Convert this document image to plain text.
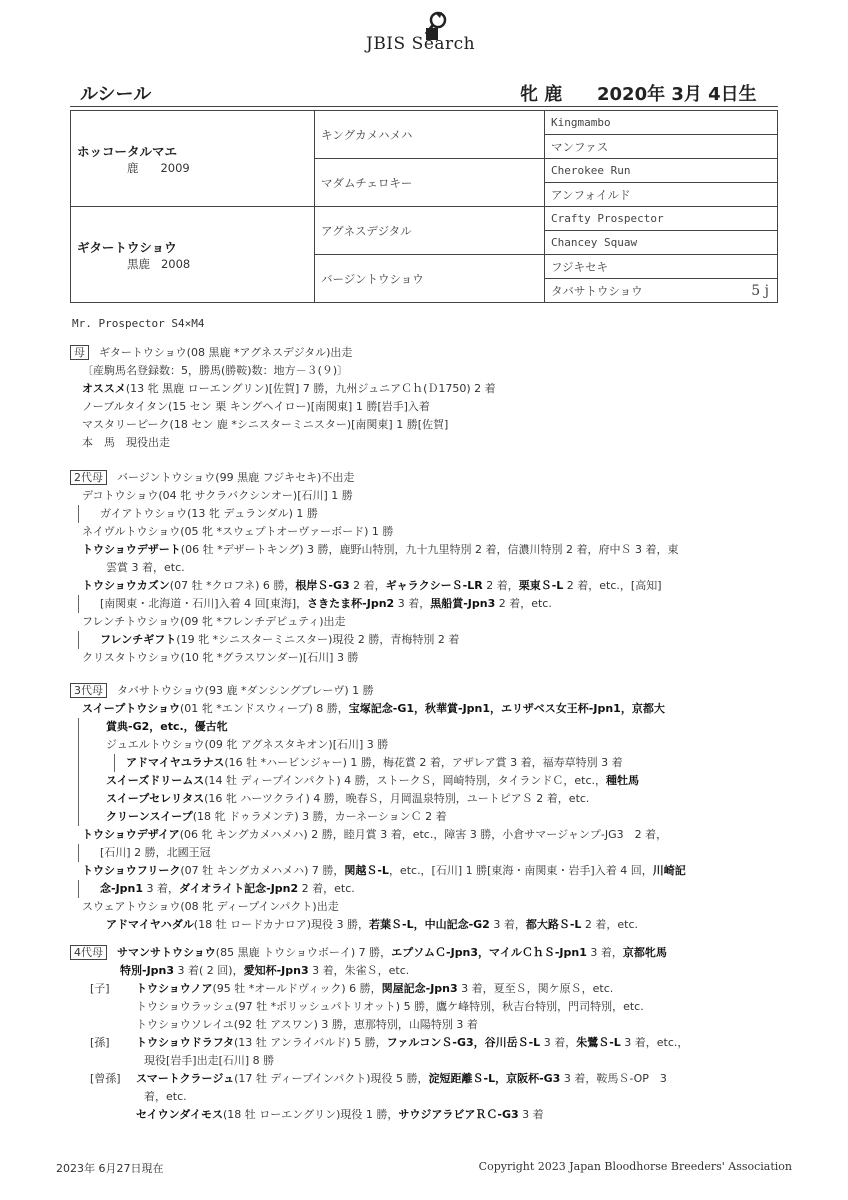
JBIS Search
ルシール	牝 鹿 2020年 3月 4日生
ホッコータルマエ
鹿 2009	キングカメハメハ	Kingmambo
		マンファス
	マダムチェロキー	Cherokee Run
		アンフォイルド

ギタートウショウ
黒鹿 2008	アグネスデジタル	Crafty Prospector
		Chancey Squaw
	バージントウショウ	フジキセキ
		タバサトウショウ 5 j
Mr. Prospector S4×M4
母 ギタートウショウ(08 黒鹿 *アグネスデジタル)出走
〔産駒馬名登録数：5，勝馬(勝鞍)数：地方－３(９)〕
オススメ(13 牝 黒鹿 ローエングリン)[佐賀] 7 勝，九州ジュニアＣｈ(Ｄ1750) 2 着
ノーブルタイタン(15 セン 栗 キングヘイロー)[南関東] 1 勝[岩手]入着
マスタリーピーク(18 セン 鹿 *シニスターミニスター)[南関東] 1 勝[佐賀]
本　馬　現役出走
2代母 バージントウショウ(99 黒鹿 フジキセキ)不出走
デコトウショウ(04 牝 サクラバクシンオー)[石川] 1 勝
ガイアトウショウ(13 牝 デュランダル) 1 勝
ネイヴルトウショウ(05 牝 *スウェプトオーヴァーボード) 1 勝
トウショウデザート(06 牡 *デザートキング) 3 勝，鹿野山特別，九十九里特別 2 着，信濃川特別 2 着，府中Ｓ 3 着，東
雲賞 3 着，etc.
トウショウカズン(07 牡 *クロフネ) 6 勝，根岸Ｓ-G3 2 着，ギャラクシーＳ-LR 2 着，栗東Ｓ-L 2 着，etc.，[高知]
[南関東・北海道・石川]入着 4 回[東海]，さきたま杯-Jpn2 3 着，黒船賞-Jpn3 2 着，etc.
フレンチトウショウ(09 牝 *フレンチデピュティ)出走
フレンチギフト(19 牝 *シニスターミニスター)現役 2 勝，青梅特別 2 着
クリスタトウショウ(10 牝 *グラスワンダー)[石川] 3 勝
3代母 タバサトウショウ(93 鹿 *ダンシングブレーヴ) 1 勝
スイープトウショウ(01 牝 *エンドスウィープ) 8 勝，宝塚記念-G1，秋華賞-Jpn1，エリザベス女王杯-Jpn1，京都大
賞典-G2，etc.，優古牝
ジュエルトウショウ(09 牝 アグネスタキオン)[石川] 3 勝
アドマイヤユラナス(16 牡 *ハービンジャー) 1 勝，梅花賞 2 着，アザレア賞 3 着，福寿草特別 3 着
スイーズドリームス(14 牡 ディープインパクト) 4 勝，ストークＳ，岡崎特別，タイランドＣ，etc.，種牡馬
スイープセレリタス(16 牝 ハーツクライ) 4 勝，晩春Ｓ，月岡温泉特別，ユートピアＳ 2 着，etc.
クリーンスイープ(18 牝 ドゥラメンテ) 3 勝，カーネーションＣ 2 着
トウショウデザイア(06 牝 キングカメハメハ) 2 勝，睦月賞 3 着，etc.，障害 3 勝，小倉サマージャンプ-JG3　2 着，
[石川] 2 勝，北國王冠
トウショウフリーク(07 牡 キングカメハメハ) 7 勝，関越Ｓ-L，etc.，[石川] 1 勝[東海・南関東・岩手]入着 4 回，川崎記
念-Jpn1 3 着，ダイオライト記念-Jpn2 2 着，etc.
スウェアトウショウ(08 牝 ディープインパクト)出走
アドマイヤハダル(18 牡 ロードカナロア)現役 3 勝，若葉Ｓ-L，中山記念-G2 3 着，都大路Ｓ-L 2 着，etc.
4代母 サマンサトウショウ(85 黒鹿 トウショウボーイ) 7 勝，エプソムＣ-Jpn3，マイルＣｈＳ-Jpn1 3 着，京都牝馬
特別-Jpn3 3 着( 2 回)，愛知杯-Jpn3 3 着，朱雀Ｓ，etc.
[子] トウショウノア(95 牡 *オールドヴィック) 6 勝，関屋記念-Jpn3 3 着，夏至Ｓ，関ケ原Ｓ，etc.
トウショウラッシュ(97 牡 *ポリッシュパトリオット) 5 勝，鷹ケ峰特別，秋吉台特別，門司特別，etc.
トウショウソレイユ(92 牡 アスワン) 3 勝，恵那特別，山陽特別 3 着
[孫] トウショウドラフタ(13 牡 アンライバルド) 5 勝，ファルコンＳ-G3，谷川岳Ｓ-L 3 着，朱鷺Ｓ-L 3 着，etc.，
現役[岩手]出走[石川] 8 勝
[曾孫] スマートクラージュ(17 牡 ディープインパクト)現役 5 勝，淀短距離Ｓ-L，京阪杯-G3 3 着，鞍馬Ｓ-OP　3
着，etc.
セイウンダイモス(18 牡 ローエングリン)現役 1 勝，サウジアラビアＲＣ-G3 3 着
2023年 6月27日現在	Copyright 2023 Japan Bloodhorse Breeders' Association
